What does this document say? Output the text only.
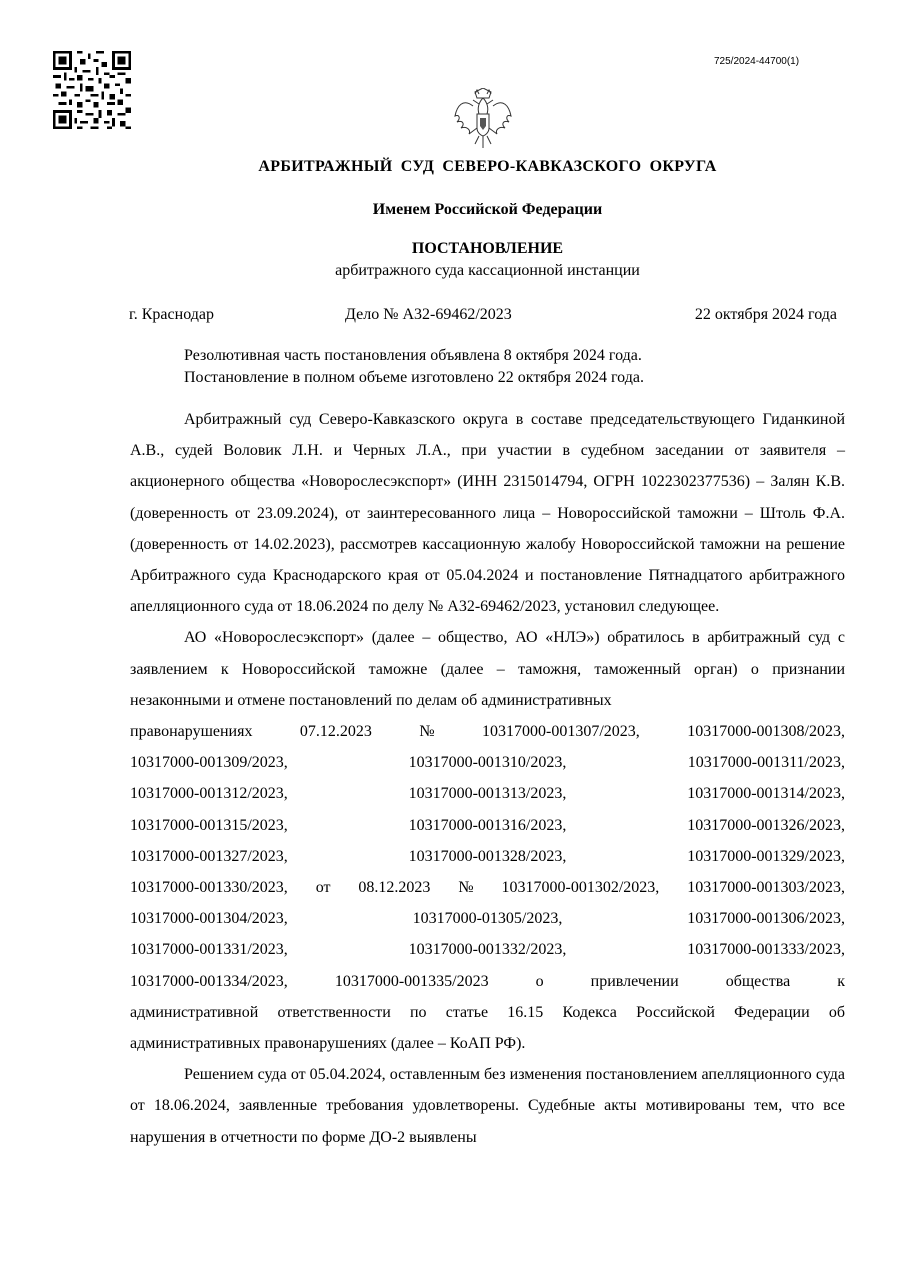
725/2024-44700(1)
АРБИТРАЖНЫЙ СУД СЕВЕРО-КАВКАЗСКОГО ОКРУГА
Именем Российской Федерации
ПОСТАНОВЛЕНИЕ
арбитражного суда кассационной инстанции
г. Краснодар	Дело № А32-69462/2023	22 октября 2024 года
Резолютивная часть постановления объявлена 8 октября 2024 года.
Постановление в полном объеме изготовлено 22 октября 2024 года.

Арбитражный суд Северо-Кавказского округа в составе председательствующего Гиданкиной А.В., судей Воловик Л.Н. и Черных Л.А., при участии в судебном заседании от заявителя – акционерного общества «Новорослесэкспорт» (ИНН 2315014794, ОГРН 1022302377536) – Залян К.В. (доверенность от 23.09.2024), от заинтересованного лица – Новороссийской таможни – Штоль Ф.А. (доверенность от 14.02.2023), рассмотрев кассационную жалобу Новороссийской таможни на решение Арбитражного суда Краснодарского края от 05.04.2024 и постановление Пятнадцатого арбитражного апелляционного суда от 18.06.2024 по делу № А32-69462/2023, установил следующее.

АО «Новорослесэкспорт» (далее – общество, АО «НЛЭ») обратилось в арбитражный суд с заявлением к Новороссийской таможне (далее – таможня, таможенный орган) о признании незаконными и отмене постановлений по делам об административных

правонарушениях	07.12.2023	№	10317000-001307/2023,	10317000-001308/2023,
10317000-001309/2023,	10317000-001310/2023,	10317000-001311/2023,
10317000-001312/2023,	10317000-001313/2023,	10317000-001314/2023,
10317000-001315/2023,	10317000-001316/2023,	10317000-001326/2023,
10317000-001327/2023,	10317000-001328/2023,	10317000-001329/2023,
10317000-001330/2023, от 08.12.2023 № 10317000-001302/2023, 10317000-001303/2023,
10317000-001304/2023,	10317000-01305/2023,	10317000-001306/2023,
10317000-001331/2023,	10317000-001332/2023,	10317000-001333/2023,
10317000-001334/2023,	10317000-001335/2023	о	привлечении	общества	к

административной ответственности по статье 16.15 Кодекса Российской Федерации об административных правонарушениях (далее – КоАП РФ).

Решением суда от 05.04.2024, оставленным без изменения постановлением апелляционного суда от 18.06.2024, заявленные требования удовлетворены. Судебные акты мотивированы тем, что все нарушения в отчетности по форме ДО-2 выявлены
